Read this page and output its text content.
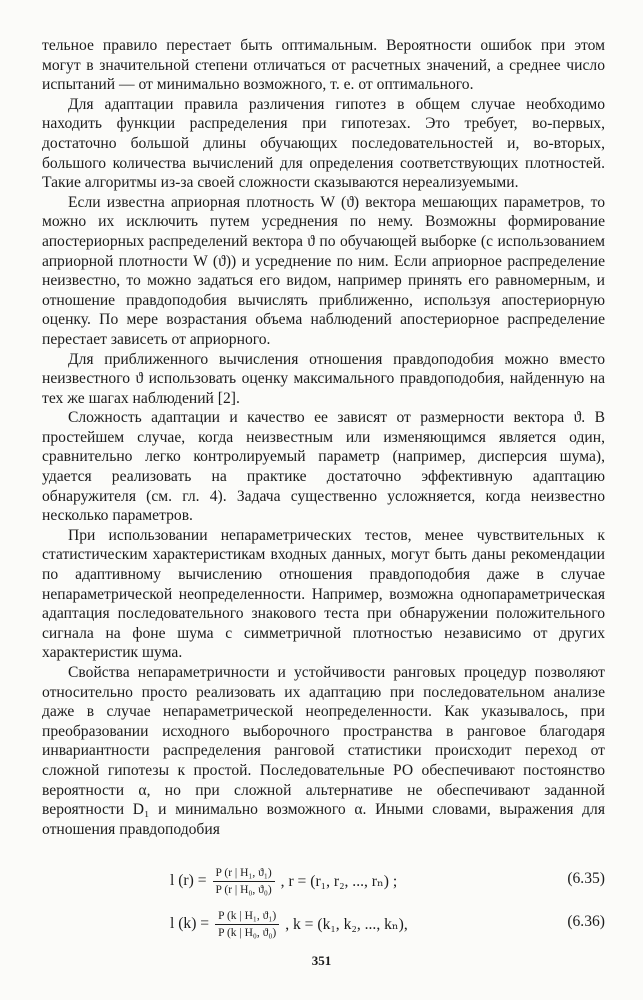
тельное правило перестает быть оптимальным. Вероятности ошибок при этом могут в значительной степени отличаться от расчетных значений, а среднее число испытаний — от минимально возможного, т. е. от оптимального.

Для адаптации правила различения гипотез в общем случае необходимо находить функции распределения при гипотезах. Это требует, во-первых, достаточно большой длины обучающих последовательностей и, во-вторых, большого количества вычислений для определения соответствующих плотностей. Такие алгоритмы из-за своей сложности сказываются нереализуемыми.

Если известна априорная плотность W (ϑ) вектора мешающих параметров, то можно их исключить путем усреднения по нему. Возможны формирование апостериорных распределений вектора ϑ по обучающей выборке (с использованием априорной плотности W (ϑ)) и усреднение по ним. Если априорное распределение неизвестно, то можно задаться его видом, например принять его равномерным, и отношение правдоподобия вычислять приближенно, используя апостериорную оценку. По мере возрастания объема наблюдений апостериорное распределение перестает зависеть от априорного.

Для приближенного вычисления отношения правдоподобия можно вместо неизвестного ϑ использовать оценку максимального правдоподобия, найденную на тех же шагах наблюдений [2].

Сложность адаптации и качество ее зависят от размерности вектора ϑ. В простейшем случае, когда неизвестным или изменяющимся является один, сравнительно легко контролируемый параметр (например, дисперсия шума), удается реализовать на практике достаточно эффективную адаптацию обнаружителя (см. гл. 4). Задача существенно усложняется, когда неизвестно несколько параметров.

При использовании непараметрических тестов, менее чувствительных к статистическим характеристикам входных данных, могут быть даны рекомендации по адаптивному вычислению отношения правдоподобия даже в случае непараметрической неопределенности. Например, возможна однопараметрическая адаптация последовательного знакового теста при обнаружении положительного сигнала на фоне шума с симметричной плотностью независимо от других характеристик шума.

Свойства непараметричности и устойчивости ранговых процедур позволяют относительно просто реализовать их адаптацию при последовательном анализе даже в случае непараметрической неопределенности. Как указывалось, при преобразовании исходного выборочного пространства в ранговое благодаря инвариантности распределения ранговой статистики происходит переход от сложной гипотезы к простой. Последовательные РО обеспечивают постоянство вероятности α, но при сложной альтернативе не обеспечивают заданной вероятности D₁ и минимально возможного α. Иными словами, выражения для отношения правдоподобия

l $(r) = \frac{\text{P (r | H₁, ϑ₁)}}{\text{P (r | H₀, ϑ₀)}}$ , r = (r₁, r₂, ..., rₙ) ;	(6.35)
l $(k) = \frac{\text{P (k | H₁, ϑ₁)}}{\text{P (k | H₀, ϑ₀)}}$ , k = (k₁, k₂, ..., kₙ),	(6.36)
351
